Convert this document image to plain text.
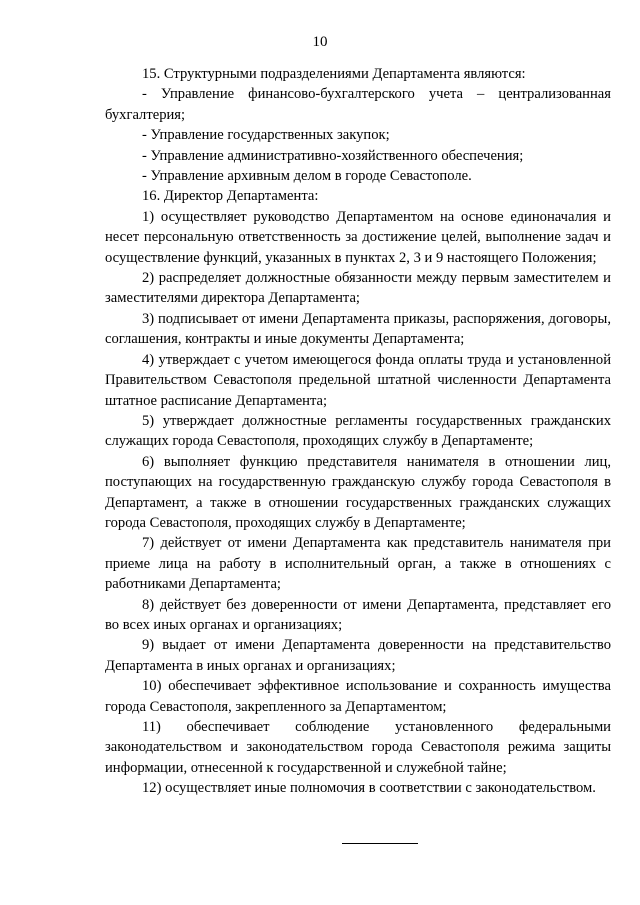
10

15. Структурными подразделениями Департамента являются:

- Управление финансово-бухгалтерского учета – централизованная бухгалтерия;

- Управление государственных закупок;

- Управление административно-хозяйственного обеспечения;

- Управление архивным делом в городе Севастополе.

16. Директор Департамента:

1) осуществляет руководство Департаментом на основе единоначалия и несет персональную ответственность за достижение целей, выполнение задач и осуществление функций, указанных в пунктах 2, 3 и 9 настоящего Положения;

2) распределяет должностные обязанности между первым заместителем и заместителями директора Департамента;

3) подписывает от имени Департамента приказы, распоряжения, договоры, соглашения, контракты и иные документы Департамента;

4) утверждает с учетом имеющегося фонда оплаты труда и установленной Правительством Севастополя предельной штатной численности Департамента штатное расписание Департамента;

5) утверждает должностные регламенты государственных гражданских служащих города Севастополя, проходящих службу в Департаменте;

6) выполняет функцию представителя нанимателя в отношении лиц, поступающих на государственную гражданскую службу города Севастополя в Департамент, а также в отношении государственных гражданских служащих города Севастополя, проходящих службу в Департаменте;

7) действует от имени Департамента как представитель нанимателя при приеме лица на работу в исполнительный орган, а также в отношениях с работниками Департамента;

8) действует без доверенности от имени Департамента, представляет его во всех иных органах и организациях;

9) выдает от имени Департамента доверенности на представительство Департамента в иных органах и организациях;

10) обеспечивает эффективное использование и сохранность имущества города Севастополя, закрепленного за Департаментом;

11) обеспечивает соблюдение установленного федеральными законодательством и законодательством города Севастополя режима защиты информации, отнесенной к государственной и служебной тайне;

12) осуществляет иные полномочия в соответствии с законодательством.
